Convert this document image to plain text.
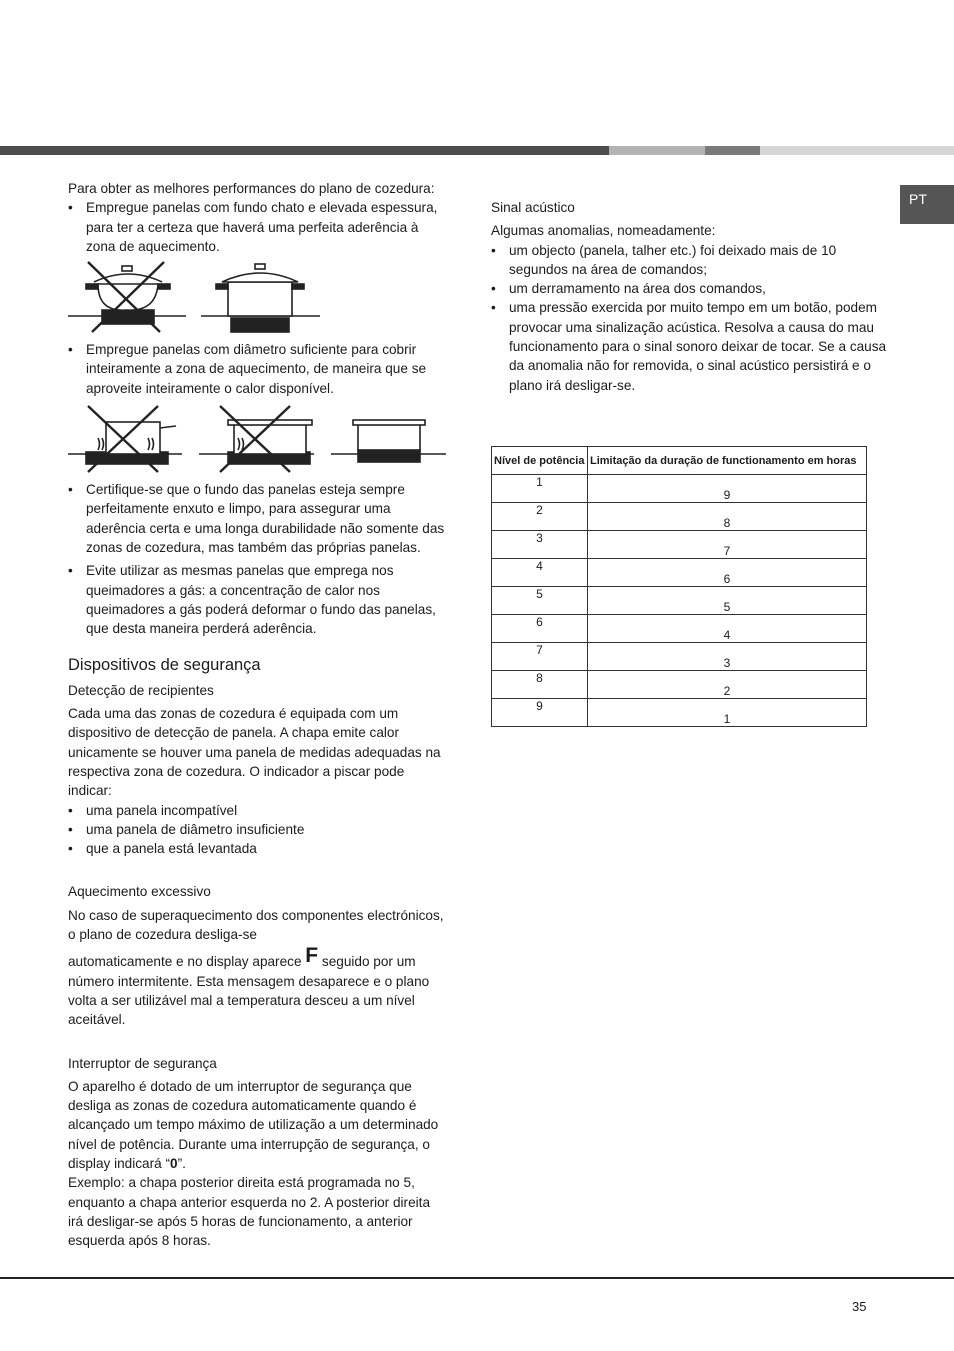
PT

Para obter as melhores performances do plano de cozedura:

• Empregue panelas com fundo chato e elevada espessura, para ter a certeza que haverá uma perfeita aderência à zona de aquecimento.
• Empregue panelas com diâmetro suficiente para cobrir inteiramente a zona de aquecimento, de maneira que se aproveite inteiramente o calor disponível.
• Certifique-se que o fundo das panelas esteja sempre perfeitamente enxuto e limpo, para assegurar uma aderência certa e uma longa durabilidade não somente das zonas de cozedura, mas também das próprias panelas.
• Evite utilizar as mesmas panelas que emprega nos queimadores a gás: a concentração de calor nos queimadores a gás poderá deformar o fundo das panelas, que desta maneira perderá aderência.
Dispositivos de segurança

Detecção de recipientes

Cada uma das zonas de cozedura é equipada com um dispositivo de detecção de panela. A chapa emite calor unicamente se houver uma panela de medidas adequadas na respectiva zona de cozedura. O indicador a piscar pode indicar:

• uma panela incompatível
• uma panela de diâmetro insuficiente
• que a panela está levantada

Aquecimento excessivo

No caso de superaquecimento dos componentes electrónicos, o plano de cozedura desliga-se

automaticamente e no display aparece F seguido por um número intermitente. Esta mensagem desaparece e o plano volta a ser utilizável mal a temperatura desceu a um nível aceitável.

Interruptor de segurança

O aparelho é dotado de um interruptor de segurança que desliga as zonas de cozedura automaticamente quando é alcançado um tempo máximo de utilização a um determinado nível de potência. Durante uma interrupção de segurança, o display indicará “0”.

Exemplo: a chapa posterior direita está programada no 5, enquanto a chapa anterior esquerda no 2. A posterior direita irá desligar-se após 5 horas de funcionamento, a anterior esquerda após 8 horas.

Sinal acústico

Algumas anomalias, nomeadamente:

• um objecto (panela, talher etc.) foi deixado mais de 10 segundos na área de comandos;
• um derramamento na área dos comandos,
• uma pressão exercida por muito tempo em um botão, podem provocar uma sinalização acústica. Resolva a causa do mau funcionamento para o sinal sonoro deixar de tocar. Se a causa da anomalia não for removida, o sinal acústico persistirá e o plano irá desligar-se.
Nível de potência	Limitação da duração de functionamento em horas
1	9
2	8
3	7
4	6
5	5
6	4
7	3
8	2
9	1
35
